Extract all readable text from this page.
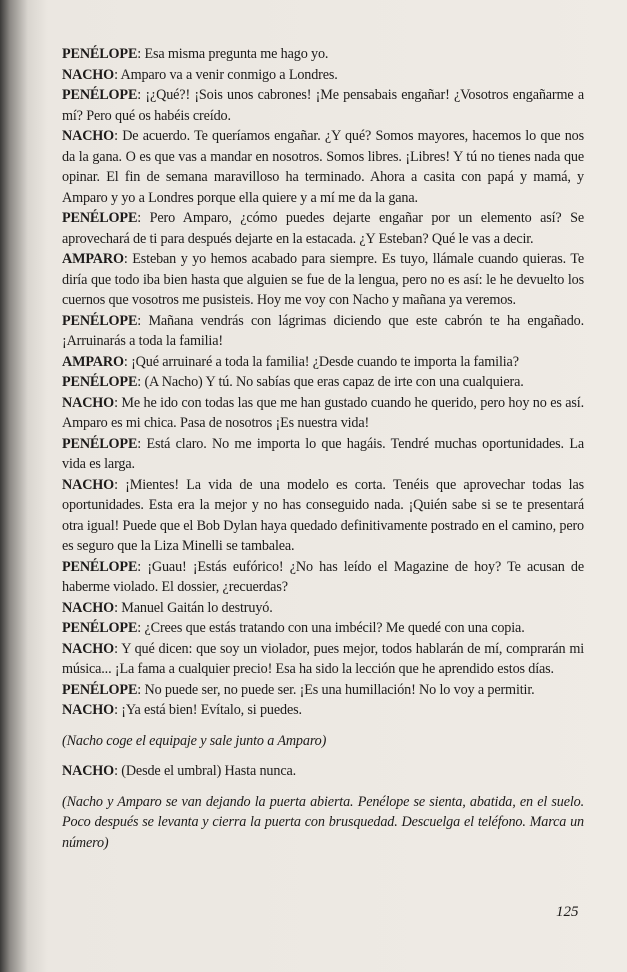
PENÉLOPE: Esa misma pregunta me hago yo.

NACHO: Amparo va a venir conmigo a Londres.

PENÉLOPE: ¡¿Qué?! ¡Sois unos cabrones! ¡Me pensabais engañar! ¿Vosotros engañarme a mí? Pero qué os habéis creído.

NACHO: De acuerdo. Te queríamos engañar. ¿Y qué? Somos mayores, hacemos lo que nos da la gana. O es que vas a mandar en nosotros. Somos libres. ¡Libres! Y tú no tienes nada que opinar. El fin de semana maravilloso ha terminado. Ahora a casita con papá y mamá, y Amparo y yo a Londres porque ella quiere y a mí me da la gana.

PENÉLOPE: Pero Amparo, ¿cómo puedes dejarte engañar por un elemento así? Se aprovechará de ti para después dejarte en la estacada. ¿Y Esteban? Qué le vas a decir.

AMPARO: Esteban y yo hemos acabado para siempre. Es tuyo, llámale cuando quieras. Te diría que todo iba bien hasta que alguien se fue de la lengua, pero no es así: le he devuelto los cuernos que vosotros me pusisteis. Hoy me voy con Nacho y mañana ya veremos.

PENÉLOPE: Mañana vendrás con lágrimas diciendo que este cabrón te ha engañado. ¡Arruinarás a toda la familia!

AMPARO: ¡Qué arruinaré a toda la familia! ¿Desde cuando te importa la familia?

PENÉLOPE: (A Nacho) Y tú. No sabías que eras capaz de irte con una cualquiera.

NACHO: Me he ido con todas las que me han gustado cuando he querido, pero hoy no es así. Amparo es mi chica. Pasa de nosotros ¡Es nuestra vida!

PENÉLOPE: Está claro. No me importa lo que hagáis. Tendré muchas oportunidades. La vida es larga.

NACHO: ¡Mientes! La vida de una modelo es corta. Tenéis que aprovechar todas las oportunidades. Esta era la mejor y no has conseguido nada. ¡Quién sabe si se te presentará otra igual! Puede que el Bob Dylan haya quedado definitivamente postrado en el camino, pero es seguro que la Liza Minelli se tambalea.

PENÉLOPE: ¡Guau! ¡Estás eufórico! ¿No has leído el Magazine de hoy? Te acusan de haberme violado. El dossier, ¿recuerdas?

NACHO: Manuel Gaitán lo destruyó.

PENÉLOPE: ¿Crees que estás tratando con una imbécil? Me quedé con una copia.

NACHO: Y qué dicen: que soy un violador, pues mejor, todos hablarán de mí, comprarán mi música... ¡La fama a cualquier precio! Esa ha sido la lección que he aprendido estos días.

PENÉLOPE: No puede ser, no puede ser. ¡Es una humillación! No lo voy a permitir.

NACHO: ¡Ya está bien! Evítalo, si puedes.

(Nacho coge el equipaje y sale junto a Amparo)

NACHO: (Desde el umbral) Hasta nunca.

(Nacho y Amparo se van dejando la puerta abierta. Penélope se sienta, abatida, en el suelo. Poco después se levanta y cierra la puerta con brusquedad. Descuelga el teléfono. Marca un número)

125
